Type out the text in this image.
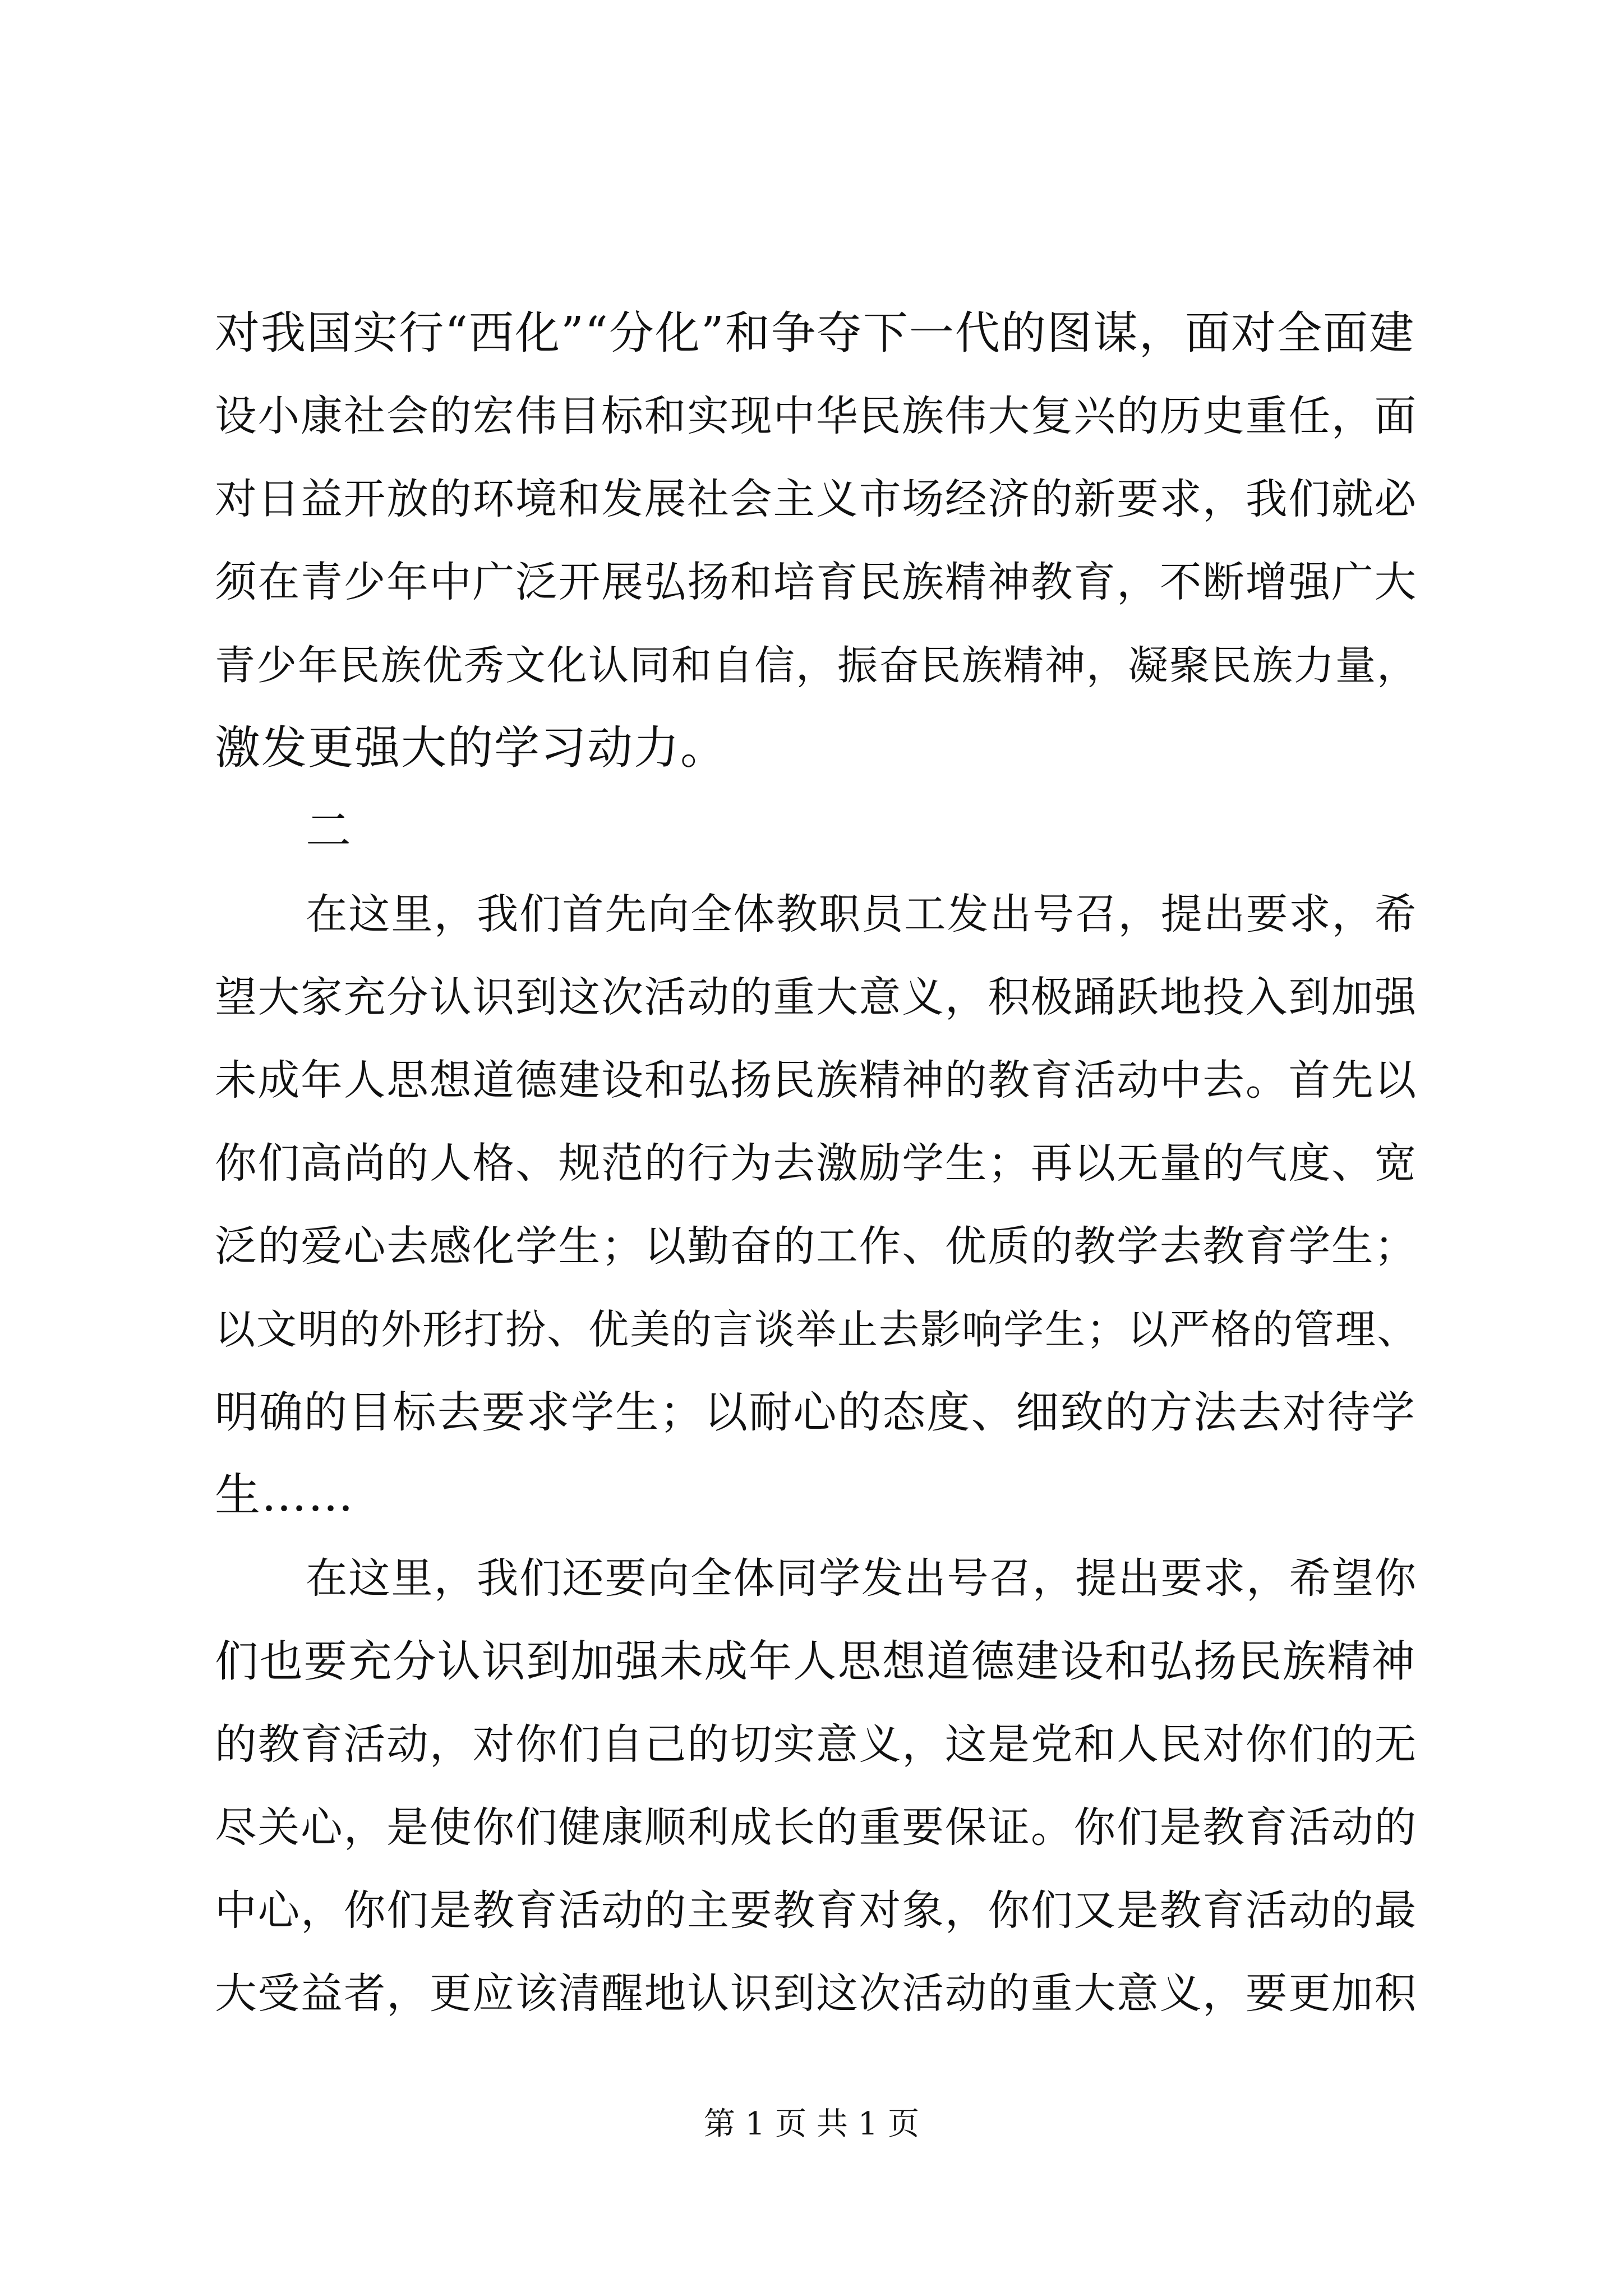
对我国实行“西化”“分化”和争夺下一代的图谋，面对全面建
设小康社会的宏伟目标和实现中华民族伟大复兴的历史重任，面
对日益开放的环境和发展社会主义市场经济的新要求，我们就必
须在青少年中广泛开展弘扬和培育民族精神教育，不断增强广大
青少年民族优秀文化认同和自信，振奋民族精神，凝聚民族力量，
激发更强大的学习动力。
二
在这里，我们首先向全体教职员工发出号召，提出要求，希
望大家充分认识到这次活动的重大意义，积极踊跃地投入到加强
未成年人思想道德建设和弘扬民族精神的教育活动中去。首先以
你们高尚的人格、规范的行为去激励学生；再以无量的气度、宽
泛的爱心去感化学生；以勤奋的工作、优质的教学去教育学生；
以文明的外形打扮、优美的言谈举止去影响学生；以严格的管理、
明确的目标去要求学生；以耐心的态度、细致的方法去对待学
生……
在这里，我们还要向全体同学发出号召，提出要求，希望你
们也要充分认识到加强未成年人思想道德建设和弘扬民族精神
的教育活动，对你们自己的切实意义，这是党和人民对你们的无
尽关心，是使你们健康顺利成长的重要保证。你们是教育活动的
中心，你们是教育活动的主要教育对象，你们又是教育活动的最
大受益者，更应该清醒地认识到这次活动的重大意义，要更加积
第 1 页 共 1 页
